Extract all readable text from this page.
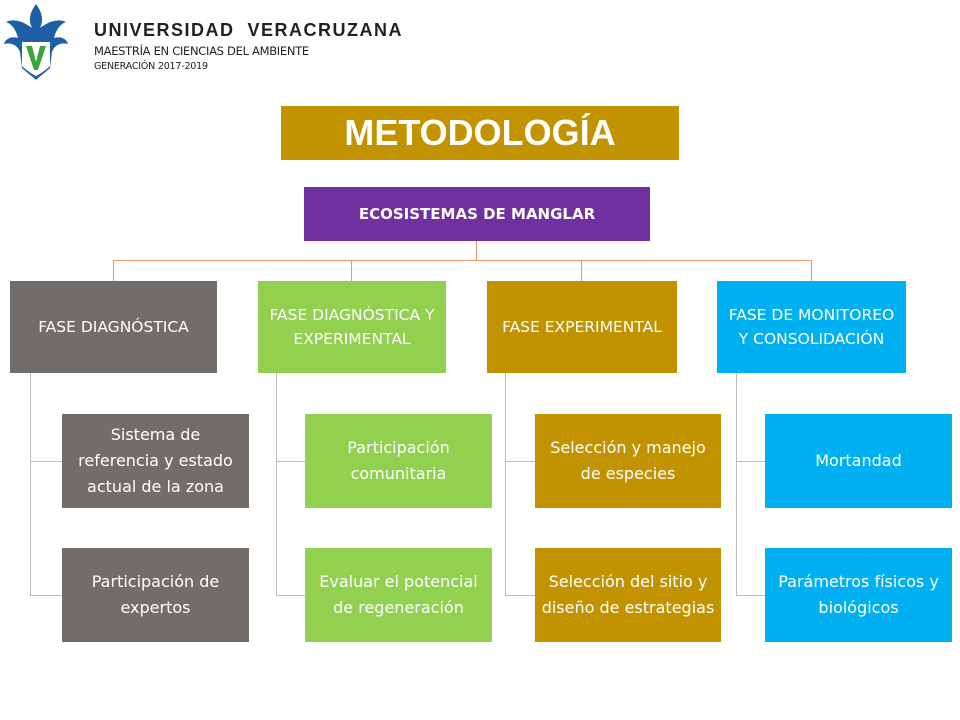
UNIVERSIDAD  VERACRUZANA
MAESTRÍA EN CIENCIAS DEL AMBIENTE
GENERACIÓN 2017-2019
METODOLOGÍA
ECOSISTEMAS DE MANGLAR
FASE DIAGNÓSTICA
Sistema de referencia y estado actual de la zona
Participación de expertos
FASE DIAGNÓSTICA Y EXPERIMENTAL
Participación comunitaria
Evaluar el potencial de regeneración
FASE EXPERIMENTAL
Selección y manejo de especies
Selección del sitio y diseño de estrategias
FASE DE MONITOREO Y CONSOLIDACIÓN
Mortandad
Parámetros físicos y biológicos
